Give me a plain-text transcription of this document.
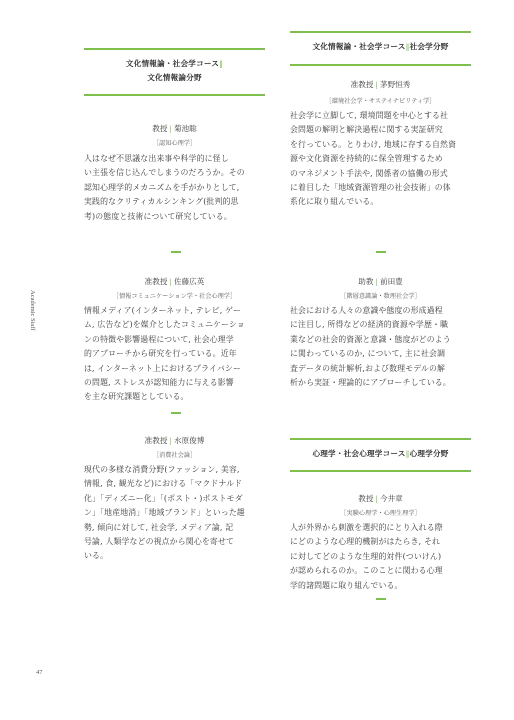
Academic Staff
文化情報論・社会学コース‖
文化情報論分野
教授 | 菊池聡
［認知心理学］
人はなぜ不思議な出来事や科学的に怪し
い主張を信じ込んでしまうのだろうか。その
認知心理学的メカニズムを手がかりとして,
実践的なクリティカルシンキング(批判的思
考)の態度と技術について研究している。
准教授 | 佐藤広英
［情報コミュニケーション学・社会心理学］
情報メディア(インターネット, テレビ, ゲー
ム, 広告など)を媒介としたコミュニケーショ
ンの特徴や影響過程について, 社会心理学
的アプローチから研究を行っている。近年
は, インターネット上におけるプライバシー
の問題, ストレスが認知能力に与える影響
を主な研究課題としている。
准教授 | 水原俊博
［消費社会論］
現代の多様な消費分野(ファッション, 美容,
情報, 食, 観光など)における「マクドナルド
化」「ディズニー化」「(ポスト・)ポストモダ
ン」「地産地消」「地域ブランド」といった趨
勢, 傾向に対して, 社会学, メディア論, 記
号論, 人類学などの視点から関心を寄せて
いる。
文化情報論・社会学コース‖社会学分野
准教授 | 茅野恒秀
［環境社会学・サステイナビリティ学］
社会学に立脚して, 環境問題を中心とする社
会問題の解明と解決過程に関する実証研究
を行っている。とりわけ, 地域に存する自然資
源や文化資源を持続的に保全管理するため
のマネジメント手法や, 関係者の協働の形式
に着目した「地域資源管理の社会技術」の体
系化に取り組んでいる。
助教 | 前田豊
［階層意識論・数理社会学］
社会における人々の意識や態度の形成過程
に注目し, 所得などの経済的資源や学歴・職
業などの社会的資源と意識・態度がどのよう
に関わっているのか, について, 主に社会調
査データの統計解析,および数理モデルの解
析から実証・理論的にアプローチしている。
心理学・社会心理学コース‖心理学分野
教授 | 今井章
［実験心理学・心理生理学］
人が外界から刺激を選択的にとり入れる際
にどのような心理的機制がはたらき, それ
に対してどのような生理的対件(ついけん)
が認められるのか。このことに関わる心理
学的諸問題に取り組んでいる。
47
